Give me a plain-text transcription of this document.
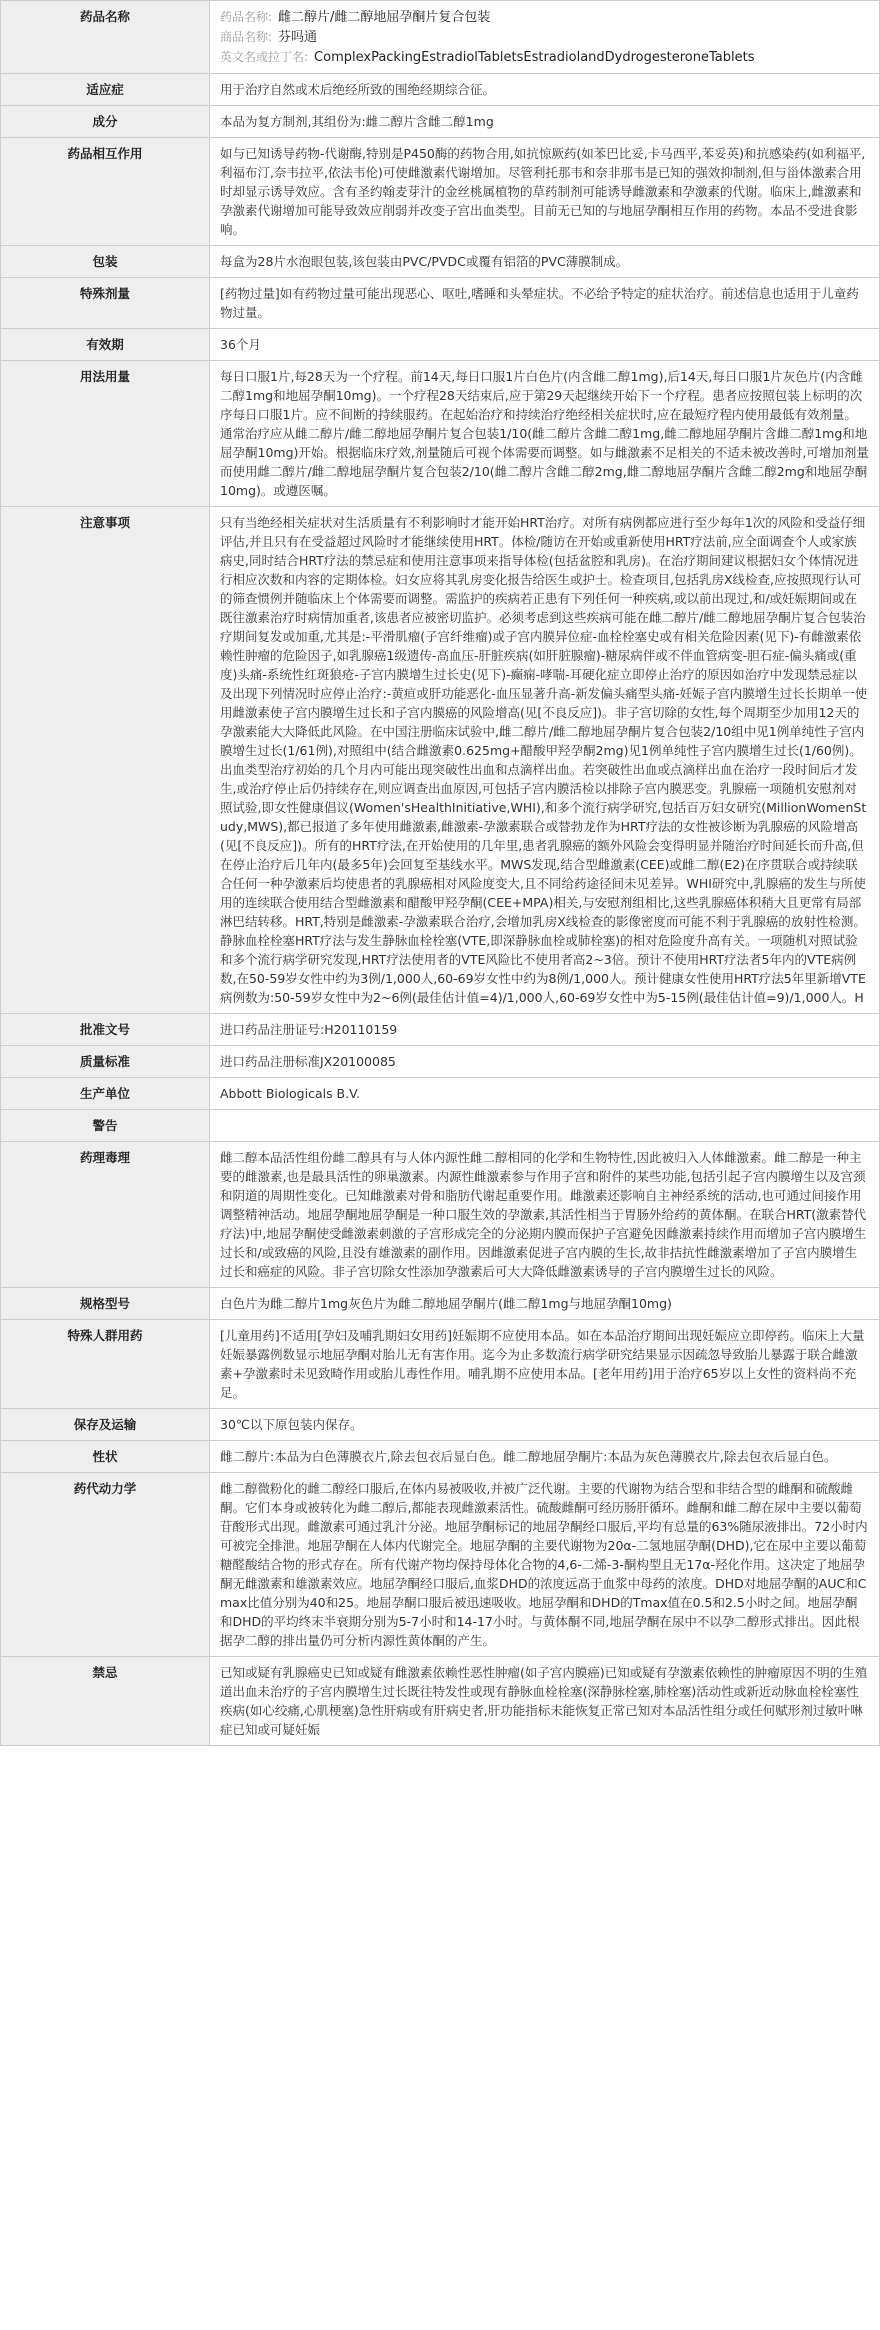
药品名称	药品名称: 雌二醇片/雌二醇地屈孕酮片复合包装
商品名称: 芬吗通
英文名或拉丁名: ComplexPackingEstradiolTabletsEstradiolandDydrogesteroneTablets

适应症	用于治疗自然或术后绝经所致的围绝经期综合征。

成分	本品为复方制剂,其组份为:雌二醇片含雌二醇1mg

药品相互作用	如与已知诱导药物-代谢酶,特别是P450酶的药物合用,如抗惊厥药(如苯巴比妥,卡马西平,苯妥英)和抗感染药(如利福平,利福布汀,奈韦拉平,依法韦伦)可使雌激素代谢增加。尽管利托那韦和奈非那韦是已知的强效抑制剂,但与甾体激素合用时却显示诱导效应。含有圣约翰麦芽汁的金丝桃属植物的草药制剂可能诱导雌激素和孕激素的代谢。临床上,雌激素和孕激素代谢增加可能导致效应削弱并改变子宫出血类型。目前无已知的与地屈孕酮相互作用的药物。本品不受进食影响。

包装	每盒为28片水泡眼包装,该包装由PVC/PVDC或覆有铝箔的PVC薄膜制成。

特殊剂量	[药物过量]如有药物过量可能出现恶心、呕吐,嗜睡和头晕症状。不必给予特定的症状治疗。前述信息也适用于儿童药物过量。

有效期	36个月

用法用量	每日口服1片,每28天为一个疗程。前14天,每日口服1片白色片(内含雌二醇1mg),后14天,每日口服1片灰色片(内含雌二醇1mg和地屈孕酮10mg)。一个疗程28天结束后,应于第29天起继续开始下一个疗程。患者应按照包装上标明的次序每日口服1片。应不间断的持续服药。在起始治疗和持续治疗绝经相关症状时,应在最短疗程内使用最低有效剂量。通常治疗应从雌二醇片/雌二醇地屈孕酮片复合包装1/10(雌二醇片含雌二醇1mg,雌二醇地屈孕酮片含雌二醇1mg和地屈孕酮10mg)开始。根据临床疗效,剂量随后可视个体需要而调整。如与雌激素不足相关的不适未被改善时,可增加剂量而使用雌二醇片/雌二醇地屈孕酮片复合包装2/10(雌二醇片含雌二醇2mg,雌二醇地屈孕酮片含雌二醇2mg和地屈孕酮10mg)。或遵医嘱。

注意事项	只有当绝经相关症状对生活质量有不利影响时才能开始HRT治疗。对所有病例都应进行至少每年1次的风险和受益仔细评估,并且只有在受益超过风险时才能继续使用HRT。体检/随访在开始或重新使用HRT疗法前,应全面调查个人或家族病史,同时结合HRT疗法的禁忌症和使用注意事项来指导体检(包括盆腔和乳房)。在治疗期间建议根据妇女个体情况进行相应次数和内容的定期体检。妇女应将其乳房变化报告给医生或护士。检查项目,包括乳房X线检查,应按照现行认可的筛查惯例并随临床上个体需要而调整。需监护的疾病若正患有下列任何一种疾病,或以前出现过,和/或妊娠期间或在既往激素治疗时病情加重者,该患者应被密切监护。必须考虑到这些疾病可能在雌二醇片/雌二醇地屈孕酮片复合包装治疗期间复发或加重,尤其是:-平滑肌瘤(子宫纤维瘤)或子宫内膜异位症-血栓栓塞史或有相关危险因素(见下)-有雌激素依赖性肿瘤的危险因子,如乳腺癌1级遗传-高血压-肝脏疾病(如肝脏腺瘤)-糖尿病伴或不伴血管病变-胆石症-偏头痛或(重度)头痛-系统性红斑狼疮-子宫内膜增生过长史(见下)-癫痫-哮喘-耳硬化症立即停止治疗的原因如治疗中发现禁忌症以及出现下列情况时应停止治疗:-黄疸或肝功能恶化-血压显著升高-新发偏头痛型头痛-妊娠子宫内膜增生过长长期单一使用雌激素使子宫内膜增生过长和子宫内膜癌的风险增高(见[不良反应])。非子宫切除的女性,每个周期至少加用12天的孕激素能大大降低此风险。在中国注册临床试验中,雌二醇片/雌二醇地屈孕酮片复合包装2/10组中见1例单纯性子宫内膜增生过长(1/61例),对照组中(结合雌激素0.625mg+醋酸甲羟孕酮2mg)见1例单纯性子宫内膜增生过长(1/60例)。出血类型治疗初始的几个月内可能出现突破性出血和点滴样出血。若突破性出血或点滴样出血在治疗一段时间后才发生,或治疗停止后仍持续存在,则应调查出血原因,可包括子宫内膜活检以排除子宫内膜恶变。乳腺癌一项随机安慰剂对照试验,即女性健康倡议(Women'sHealthInitiative,WHI),和多个流行病学研究,包括百万妇女研究(MillionWomenStudy,MWS),都已报道了多年使用雌激素,雌激素-孕激素联合或替勃龙作为HRT疗法的女性被诊断为乳腺癌的风险增高(见[不良反应])。所有的HRT疗法,在开始使用的几年里,患者乳腺癌的额外风险会变得明显并随治疗时间延长而升高,但在停止治疗后几年内(最多5年)会回复至基线水平。MWS发现,结合型雌激素(CEE)或雌二醇(E2)在序贯联合或持续联合任何一种孕激素后均使患者的乳腺癌相对风险度变大,且不同给药途径间未见差异。WHI研究中,乳腺癌的发生与所使用的连续联合使用结合型雌激素和醋酸甲羟孕酮(CEE+MPA)相关,与安慰剂组相比,这些乳腺癌体积稍大且更常有局部淋巴结转移。HRT,特别是雌激素-孕激素联合治疗,会增加乳房X线检查的影像密度而可能不利于乳腺癌的放射性检测。静脉血栓栓塞HRT疗法与发生静脉血栓栓塞(VTE,即深静脉血栓或肺栓塞)的相对危险度升高有关。一项随机对照试验和多个流行病学研究发现,HRT疗法使用者的VTE风险比不使用者高2~3倍。预计不使用HRT疗法者5年内的VTE病例数,在50-59岁女性中约为3例/1,000人,60-69岁女性中约为8例/1,000人。预计健康女性使用HRT疗法5年里新增VTE病例数为:50-59岁女性中为2~6例(最佳估计值=4)/1,000人,60-69岁女性中为5-15例(最佳估计值=9)/1,000人。H

批准文号	进口药品注册证号:H20110159

质量标准	进口药品注册标准JX20100085

生产单位	Abbott Biologicals B.V.

警告	

药理毒理	雌二醇本品活性组份雌二醇具有与人体内源性雌二醇相同的化学和生物特性,因此被归入人体雌激素。雌二醇是一种主要的雌激素,也是最具活性的卵巢激素。内源性雌激素参与作用子宫和附件的某些功能,包括引起子宫内膜增生以及宫颈和阴道的周期性变化。已知雌激素对骨和脂肪代谢起重要作用。雌激素还影响自主神经系统的活动,也可通过间接作用调整精神活动。地屈孕酮地屈孕酮是一种口服生效的孕激素,其活性相当于胃肠外给药的黄体酮。在联合HRT(激素替代疗法)中,地屈孕酮使受雌激素刺激的子宫形成完全的分泌期内膜而保护子宫避免因雌激素持续作用而增加子宫内膜增生过长和/或致癌的风险,且没有雄激素的副作用。因雌激素促进子宫内膜的生长,故非拮抗性雌激素增加了子宫内膜增生过长和癌症的风险。非子宫切除女性添加孕激素后可大大降低雌激素诱导的子宫内膜增生过长的风险。

规格型号	白色片为雌二醇片1mg灰色片为雌二醇地屈孕酮片(雌二醇1mg与地屈孕酮10mg)

特殊人群用药	[儿童用药]不适用[孕妇及哺乳期妇女用药]妊娠期不应使用本品。如在本品治疗期间出现妊娠应立即停药。临床上大量妊娠暴露例数显示地屈孕酮对胎儿无有害作用。迄今为止多数流行病学研究结果显示因疏忽导致胎儿暴露于联合雌激素+孕激素时未见致畸作用或胎儿毒性作用。哺乳期不应使用本品。[老年用药]用于治疗65岁以上女性的资料尚不充足。

保存及运输	30℃以下原包装内保存。

性状	雌二醇片:本品为白色薄膜衣片,除去包衣后显白色。雌二醇地屈孕酮片:本品为灰色薄膜衣片,除去包衣后显白色。

药代动力学	雌二醇微粉化的雌二醇经口服后,在体内易被吸收,并被广泛代谢。主要的代谢物为结合型和非结合型的雌酮和硫酸雌酮。它们本身或被转化为雌二醇后,都能表现雌激素活性。硫酸雌酮可经历肠肝循环。雌酮和雌二醇在尿中主要以葡萄苷酸形式出现。雌激素可通过乳汁分泌。地屈孕酮标记的地屈孕酮经口服后,平均有总量的63%随尿液排出。72小时内可被完全排泄。地屈孕酮在人体内代谢完全。地屈孕酮的主要代谢物为20α-二氢地屈孕酮(DHD),它在尿中主要以葡萄糖醛酸结合物的形式存在。所有代谢产物均保持母体化合物的4,6-二烯-3-酮构型且无17α-羟化作用。这决定了地屈孕酮无雌激素和雄激素效应。地屈孕酮经口服后,血浆DHD的浓度远高于血浆中母药的浓度。DHD对地屈孕酮的AUC和Cmax比值分别为40和25。地屈孕酮口服后被迅速吸收。地屈孕酮和DHD的Tmax值在0.5和2.5小时之间。地屈孕酮和DHD的平均终末半衰期分别为5-7小时和14-17小时。与黄体酮不同,地屈孕酮在尿中不以孕二醇形式排出。因此根据孕二醇的排出量仍可分析内源性黄体酮的产生。

禁忌	已知或疑有乳腺癌史已知或疑有雌激素依赖性恶性肿瘤(如子宫内膜癌)已知或疑有孕激素依赖性的肿瘤原因不明的生殖道出血未治疗的子宫内膜增生过长既往特发性或现有静脉血栓栓塞(深静脉栓塞,肺栓塞)活动性或新近动脉血栓栓塞性疾病(如心绞痛,心肌梗塞)急性肝病或有肝病史者,肝功能指标未能恢复正常已知对本品活性组分或任何赋形剂过敏叶啉症已知或可疑妊娠
